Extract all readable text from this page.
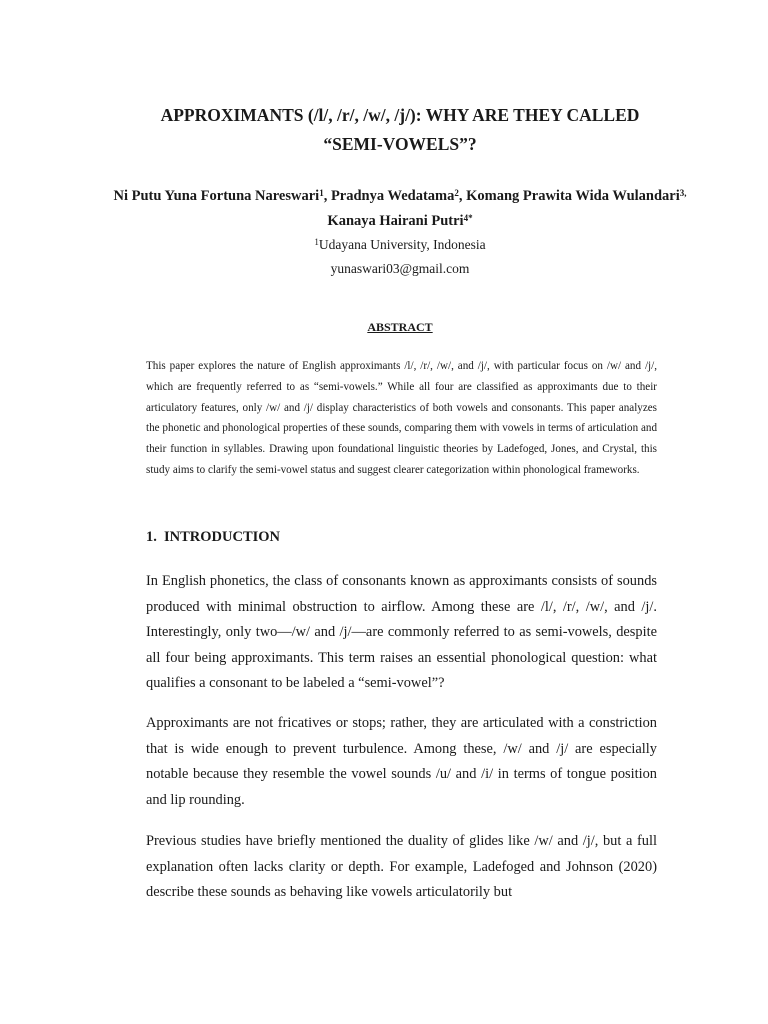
APPROXIMANTS (/l/, /r/, /w/, /j/): WHY ARE THEY CALLED
“SEMI-VOWELS”?

Ni Putu Yuna Fortuna Nareswari$^1$, Pradnya Wedatama$^2$, Komang Prawita Wida Wulandari$^{3,}$ Kanaya Hairani Putri$^{4*}$

$^1$Udayana University, Indonesia

yunaswari03@gmail.com

ABSTRACT

This paper explores the nature of English approximants /l/, /r/, /w/, and /j/, with particular focus on /w/ and /j/, which are frequently referred to as “semi-vowels.” While all four are classified as approximants due to their articulatory features, only /w/ and /j/ display characteristics of both vowels and consonants. This paper analyzes the phonetic and phonological properties of these sounds, comparing them with vowels in terms of articulation and their function in syllables. Drawing upon foundational linguistic theories by Ladefoged, Jones, and Crystal, this study aims to clarify the semi-vowel status and suggest clearer categorization within phonological frameworks.

1. INTRODUCTION

In English phonetics, the class of consonants known as approximants consists of sounds produced with minimal obstruction to airflow. Among these are /l/, /r/, /w/, and /j/. Interestingly, only two—/w/ and /j/—are commonly referred to as semi-vowels, despite all four being approximants. This term raises an essential phonological question: what qualifies a consonant to be labeled a “semi-vowel”?

Approximants are not fricatives or stops; rather, they are articulated with a constriction that is wide enough to prevent turbulence. Among these, /w/ and /j/ are especially notable because they resemble the vowel sounds /u/ and /i/ in terms of tongue position and lip rounding.

Previous studies have briefly mentioned the duality of glides like /w/ and /j/, but a full explanation often lacks clarity or depth. For example, Ladefoged and Johnson (2020) describe these sounds as behaving like vowels articulatorily but
